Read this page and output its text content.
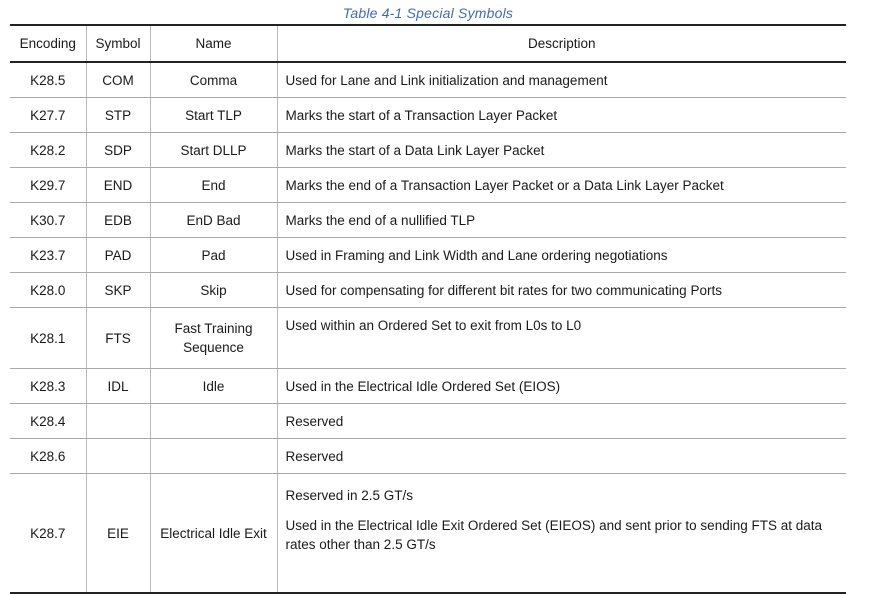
Table 4-1 Special Symbols
Encoding	Symbol	Name	Description
K28.5	COM	Comma	Used for Lane and Link initialization and management
K27.7	STP	Start TLP	Marks the start of a Transaction Layer Packet
K28.2	SDP	Start DLLP	Marks the start of a Data Link Layer Packet
K29.7	END	End	Marks the end of a Transaction Layer Packet or a Data Link Layer Packet
K30.7	EDB	EnD Bad	Marks the end of a nullified TLP
K23.7	PAD	Pad	Used in Framing and Link Width and Lane ordering negotiations
K28.0	SKP	Skip	Used for compensating for different bit rates for two communicating Ports
K28.1	FTS	Fast Training Sequence	Used within an Ordered Set to exit from L0s to L0
K28.3	IDL	Idle	Used in the Electrical Idle Ordered Set (EIOS)
K28.4			Reserved
K28.6			Reserved
K28.7	EIE	Electrical Idle Exit	Reserved in 2.5 GT/s
Used in the Electrical Idle Exit Ordered Set (EIEOS) and sent prior to sending FTS at data rates other than 2.5 GT/s
